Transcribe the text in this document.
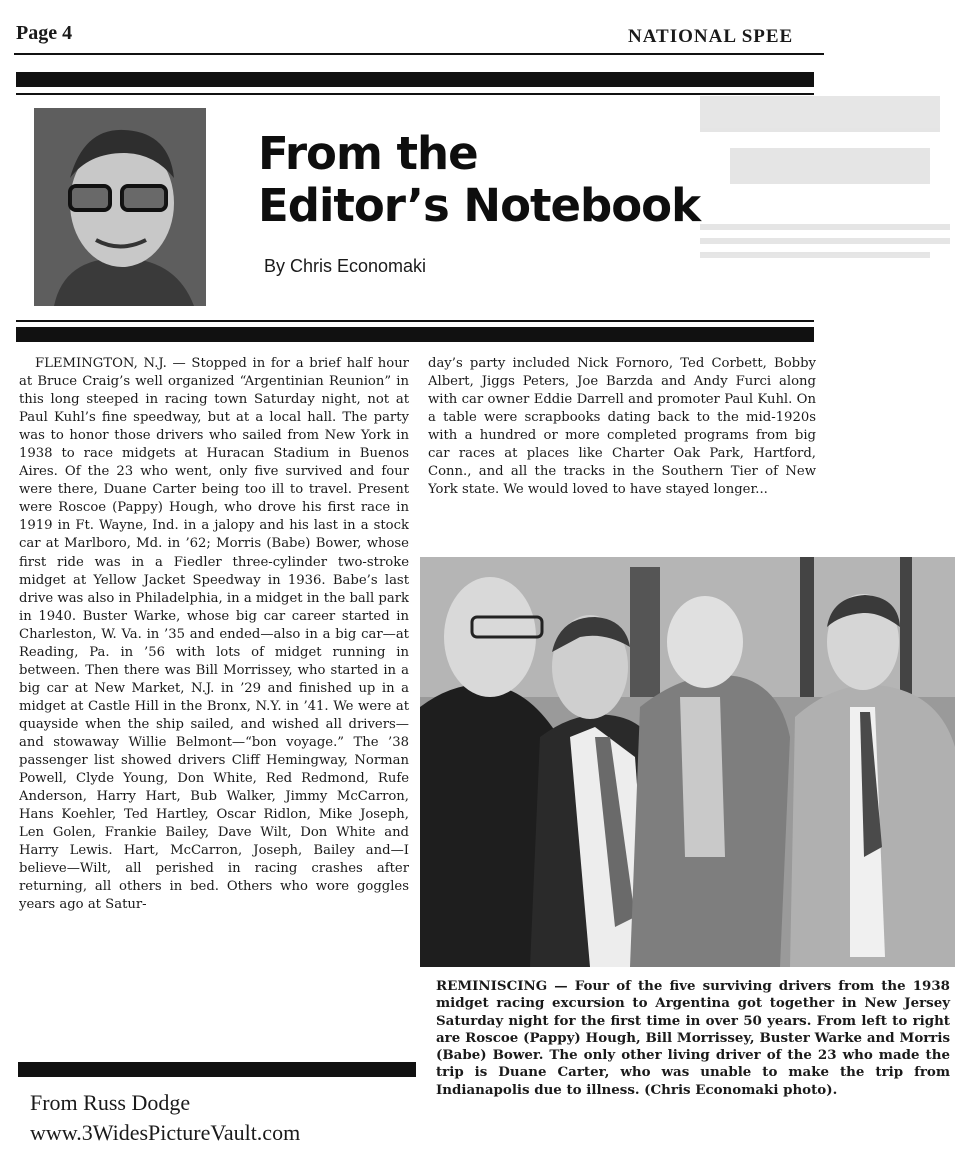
Page 4	NATIONAL SPEE
From the
Editor’s Notebook
By Chris Economaki

FLEMINGTON, N.J. — Stopped in for a brief half hour at Bruce Craig’s well organized “Argentinian Reunion” in this long steeped in racing town Saturday night, not at Paul Kuhl’s fine speedway, but at a local hall. The party was to honor those drivers who sailed from New York in 1938 to race midgets at Huracan Stadium in Buenos Aires. Of the 23 who went, only five survived and four were there, Duane Carter being too ill to travel. Present were Roscoe (Pappy) Hough, who drove his first race in 1919 in Ft. Wayne, Ind. in a jalopy and his last in a stock car at Marlboro, Md. in ’62; Morris (Babe) Bower, whose first ride was in a Fiedler three-cylinder two-stroke midget at Yellow Jacket Speedway in 1936. Babe’s last drive was also in Philadelphia, in a midget in the ball park in 1940. Buster Warke, whose big car career started in Charleston, W. Va. in ’35 and ended—also in a big car—at Reading, Pa. in ’56 with lots of midget running in between. Then there was Bill Morrissey, who started in a big car at New Market, N.J. in ’29 and finished up in a midget at Castle Hill in the Bronx, N.Y. in ’41. We were at quayside when the ship sailed, and wished all drivers—and stowaway Willie Belmont—“bon voyage.” The ’38 passenger list showed drivers Cliff Hemingway, Norman Powell, Clyde Young, Don White, Red Redmond, Rufe Anderson, Harry Hart, Bub Walker, Jimmy McCarron, Hans Koehler, Ted Hartley, Oscar Ridlon, Mike Joseph, Len Golen, Frankie Bailey, Dave Wilt, Don White and Harry Lewis. Hart, McCarron, Joseph, Bailey and—I believe—Wilt, all perished in racing crashes after returning, all others in bed. Others who wore goggles years ago at Satur-

day’s party included Nick Fornoro, Ted Corbett, Bobby Albert, Jiggs Peters, Joe Barzda and Andy Furci along with car owner Eddie Darrell and promoter Paul Kuhl. On a table were scrapbooks dating back to the mid-1920s with a hundred or more completed programs from big car races at places like Charter Oak Park, Hartford, Conn., and all the tracks in the Southern Tier of New York state. We would loved to have stayed longer...

REMINISCING — Four of the five surviving drivers from the 1938 midget racing excursion to Argentina got together in New Jersey Saturday night for the first time in over 50 years. From left to right are Roscoe (Pappy) Hough, Bill Morrissey, Buster Warke and Morris (Babe) Bower. The only other living driver of the 23 who made the trip is Duane Carter, who was unable to make the trip from Indianapolis due to illness. (Chris Economaki photo).
From Russ Dodge
www.3WidesPictureVault.com
